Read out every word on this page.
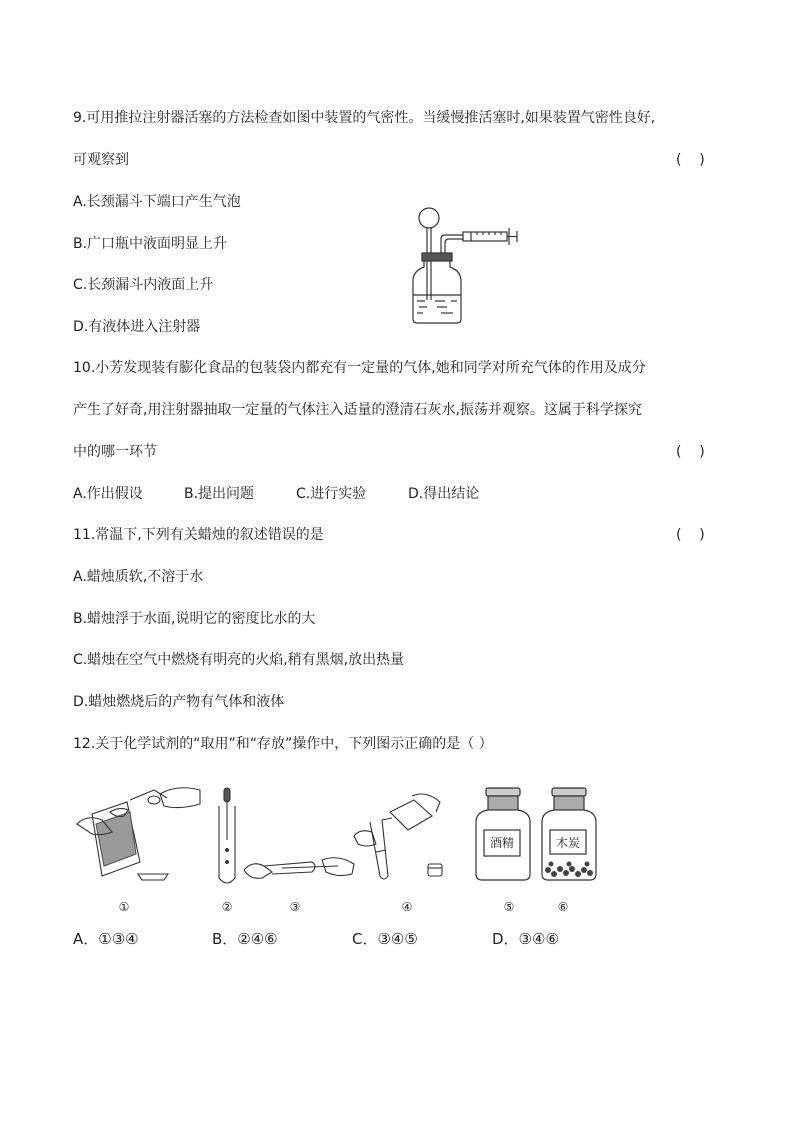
9.可用推拉注射器活塞的方法检查如图中装置的气密性。当缓慢推活塞时,如果装置气密性良好,
可观察到	(    )
A.长颈漏斗下端口产生气泡
B.广口瓶中液面明显上升
C.长颈漏斗内液面上升
D.有液体进入注射器
10.小芳发现装有膨化食品的包装袋内都充有一定量的气体,她和同学对所充气体的作用及成分
产生了好奇,用注射器抽取一定量的气体注入适量的澄清石灰水,振荡并观察。这属于科学探究
中的哪一环节	(    )
A.作出假设	B.提出问题	C.进行实验	D.得出结论
11.常温下,下列有关蜡烛的叙述错误的是	(    )
A.蜡烛质软,不溶于水
B.蜡烛浮于水面,说明它的密度比水的大
C.蜡烛在空气中燃烧有明亮的火焰,稍有黑烟,放出热量
D.蜡烛燃烧后的产物有气体和液体
12.关于化学试剂的“取用”和“存放”操作中，下列图示正确的是（ ）
酒精	木炭
①	②	③	④	⑤	⑥
A．①③④	B．②④⑥	C．③④⑤	D．③④⑥
